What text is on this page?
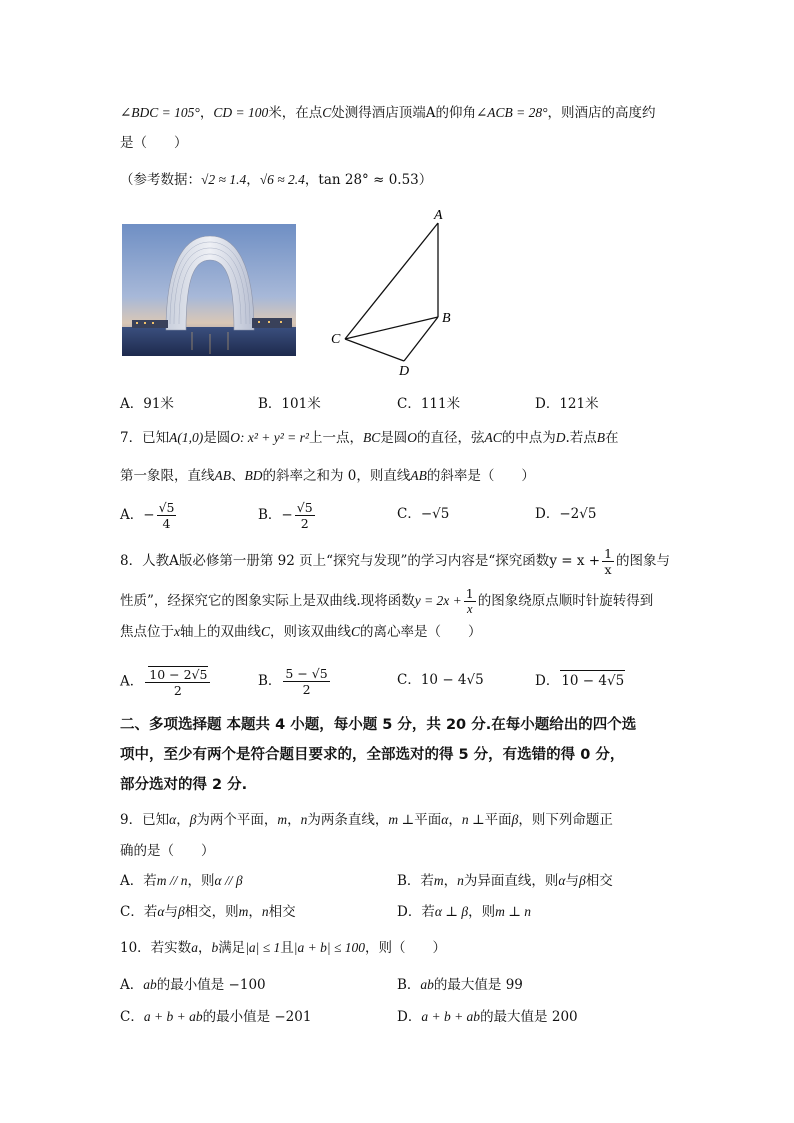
∠BDC = 105°，CD = 100米，在点C处测得酒店顶端A的仰角∠ACB = 28°，则酒店的高度约
是（　　）
（参考数据：√2 ≈ 1.4，√6 ≈ 2.4，tan 28° ≈ 0.53）
A
B
C
D
A．91米	B．101米	C．111米	D．121米
7．已知A(1,0)是圆O: x² + y² = r²上一点，BC是圆O的直径，弦AC的中点为D.若点B在
第一象限，直线AB、BD的斜率之和为 0，则直线AB的斜率是（　　）
A．− $\frac{√5}{4}$	B．− $\frac{√5}{2}$	C．−√5	D．−2√5
8．人教A版必修第一册第 92 页上“探究与发现”的学习内容是“探究函数$y = x + \frac{1}{x}$ 的图象与
性质”，经探究它的图象实际上是双曲线.现将函数$y = 2x + \frac{1}{x}$ 的图象绕原点顺时针旋转得到
焦点位于x轴上的双曲线C，则该双曲线C的离心率是（　　）
A． $\frac{10 - 2√5}{2}$	B． $\frac{5 - √5}{2}$	C．10 − 4√5	D． 10 − 4√5
二、多项选择题 本题共 4 小题，每小题 5 分，共 20 分.在每小题给出的四个选
项中，至少有两个是符合题目要求的，全部选对的得 5 分，有选错的得 0 分，
部分选对的得 2 分.
9．已知α，β为两个平面，m，n为两条直线，m ⊥平面α，n ⊥平面β，则下列命题正
确的是（　　）
A．若m // n，则α // β	B．若m，n为异面直线，则α与β相交
C．若α与β相交，则m，n相交	D．若α ⊥ β，则m ⊥ n
10．若实数a，b满足|a| ≤ 1且|a + b| ≤ 100，则（　　）
A．ab的最小值是 −100	B．ab的最大值是 99
C．a + b + ab的最小值是 −201	D．a + b + ab的最大值是 200
